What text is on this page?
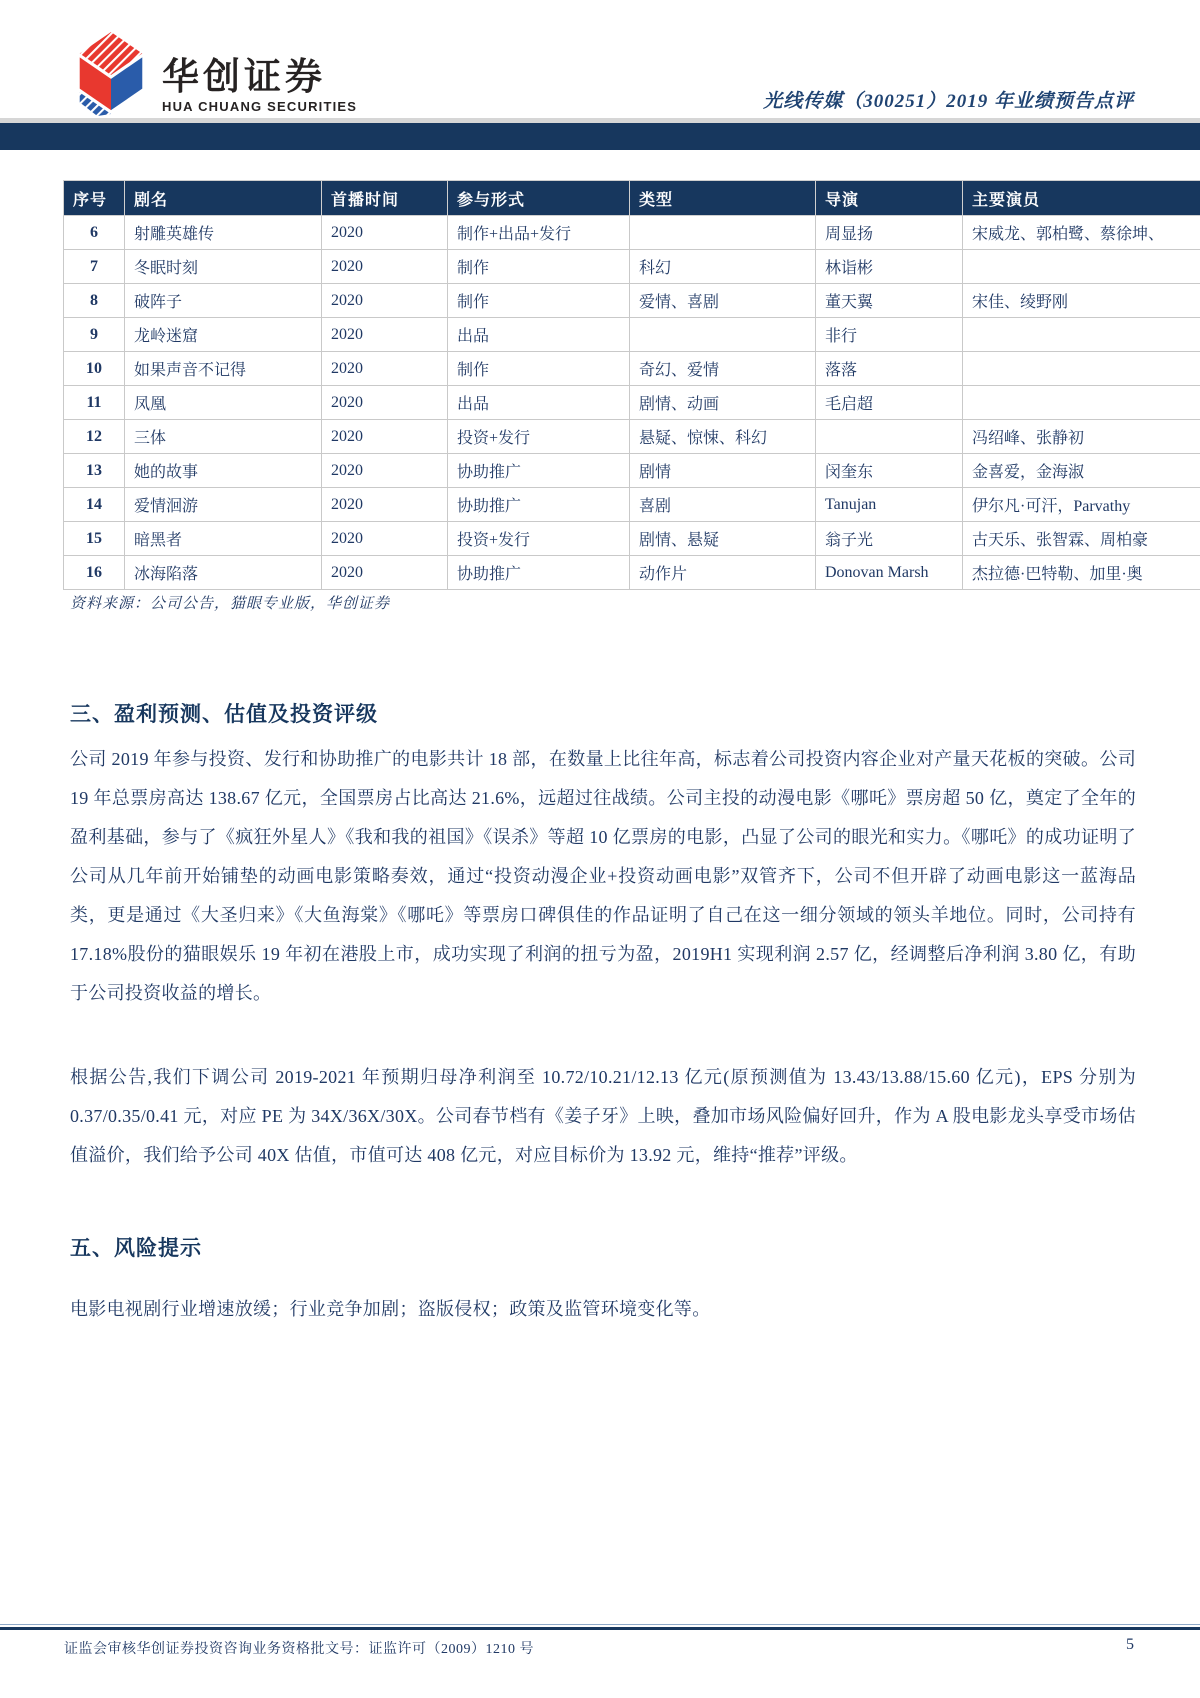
华创证券
HUA CHUANG SECURITIES	光线传媒（300251）2019 年业绩预告点评
序号	剧名	首播时间	参与形式	类型	导演	主要演员
6	射雕英雄传	2020	制作+出品+发行		周显扬	宋威龙、郭柏鹭、蔡徐坤、
7	冬眠时刻	2020	制作	科幻	林诣彬	
8	破阵子	2020	制作	爱情、喜剧	董天翼	宋佳、绫野刚
9	龙岭迷窟	2020	出品		非行	
10	如果声音不记得	2020	制作	奇幻、爱情	落落	
11	凤凰	2020	出品	剧情、动画	毛启超	
12	三体	2020	投资+发行	悬疑、惊悚、科幻		冯绍峰、张静初
13	她的故事	2020	协助推广	剧情	闵奎东	金喜爱，金海淑
14	爱情洄游	2020	协助推广	喜剧	Tanujan	伊尔凡·可汗，Parvathy
15	暗黑者	2020	投资+发行	剧情、悬疑	翁子光	古天乐、张智霖、周柏豪
16	冰海陷落	2020	协助推广	动作片	Donovan Marsh	杰拉德·巴特勒、加里·奥
资料来源：公司公告，猫眼专业版，华创证券
三、盈利预测、估值及投资评级

公司 2019 年参与投资、发行和协助推广的电影共计 18 部，在数量上比往年高，标志着公司投资内容企业对产量天花板的突破。公司 19 年总票房高达 138.67 亿元，全国票房占比高达 21.6%，远超过往战绩。公司主投的动漫电影《哪吒》票房超 50 亿，奠定了全年的盈利基础，参与了《疯狂外星人》《我和我的祖国》《误杀》等超 10 亿票房的电影，凸显了公司的眼光和实力。《哪吒》的成功证明了公司从几年前开始铺垫的动画电影策略奏效，通过“投资动漫企业+投资动画电影”双管齐下，公司不但开辟了动画电影这一蓝海品类，更是通过《大圣归来》《大鱼海棠》《哪吒》等票房口碑俱佳的作品证明了自己在这一细分领域的领头羊地位。同时，公司持有 17.18%股份的猫眼娱乐 19 年初在港股上市，成功实现了利润的扭亏为盈，2019H1 实现利润 2.57 亿，经调整后净利润 3.80 亿，有助于公司投资收益的增长。

根据公告,我们下调公司 2019-2021 年预期归母净利润至 10.72/10.21/12.13 亿元(原预测值为 13.43/13.88/15.60 亿元)，EPS 分别为 0.37/0.35/0.41 元，对应 PE 为 34X/36X/30X。公司春节档有《姜子牙》上映，叠加市场风险偏好回升，作为 A 股电影龙头享受市场估值溢价，我们给予公司 40X 估值，市值可达 408 亿元，对应目标价为 13.92 元，维持“推荐”评级。

五、风险提示

电影电视剧行业增速放缓；行业竞争加剧；盗版侵权；政策及监管环境变化等。

证监会审核华创证券投资咨询业务资格批文号：证监许可（2009）1210 号	5
